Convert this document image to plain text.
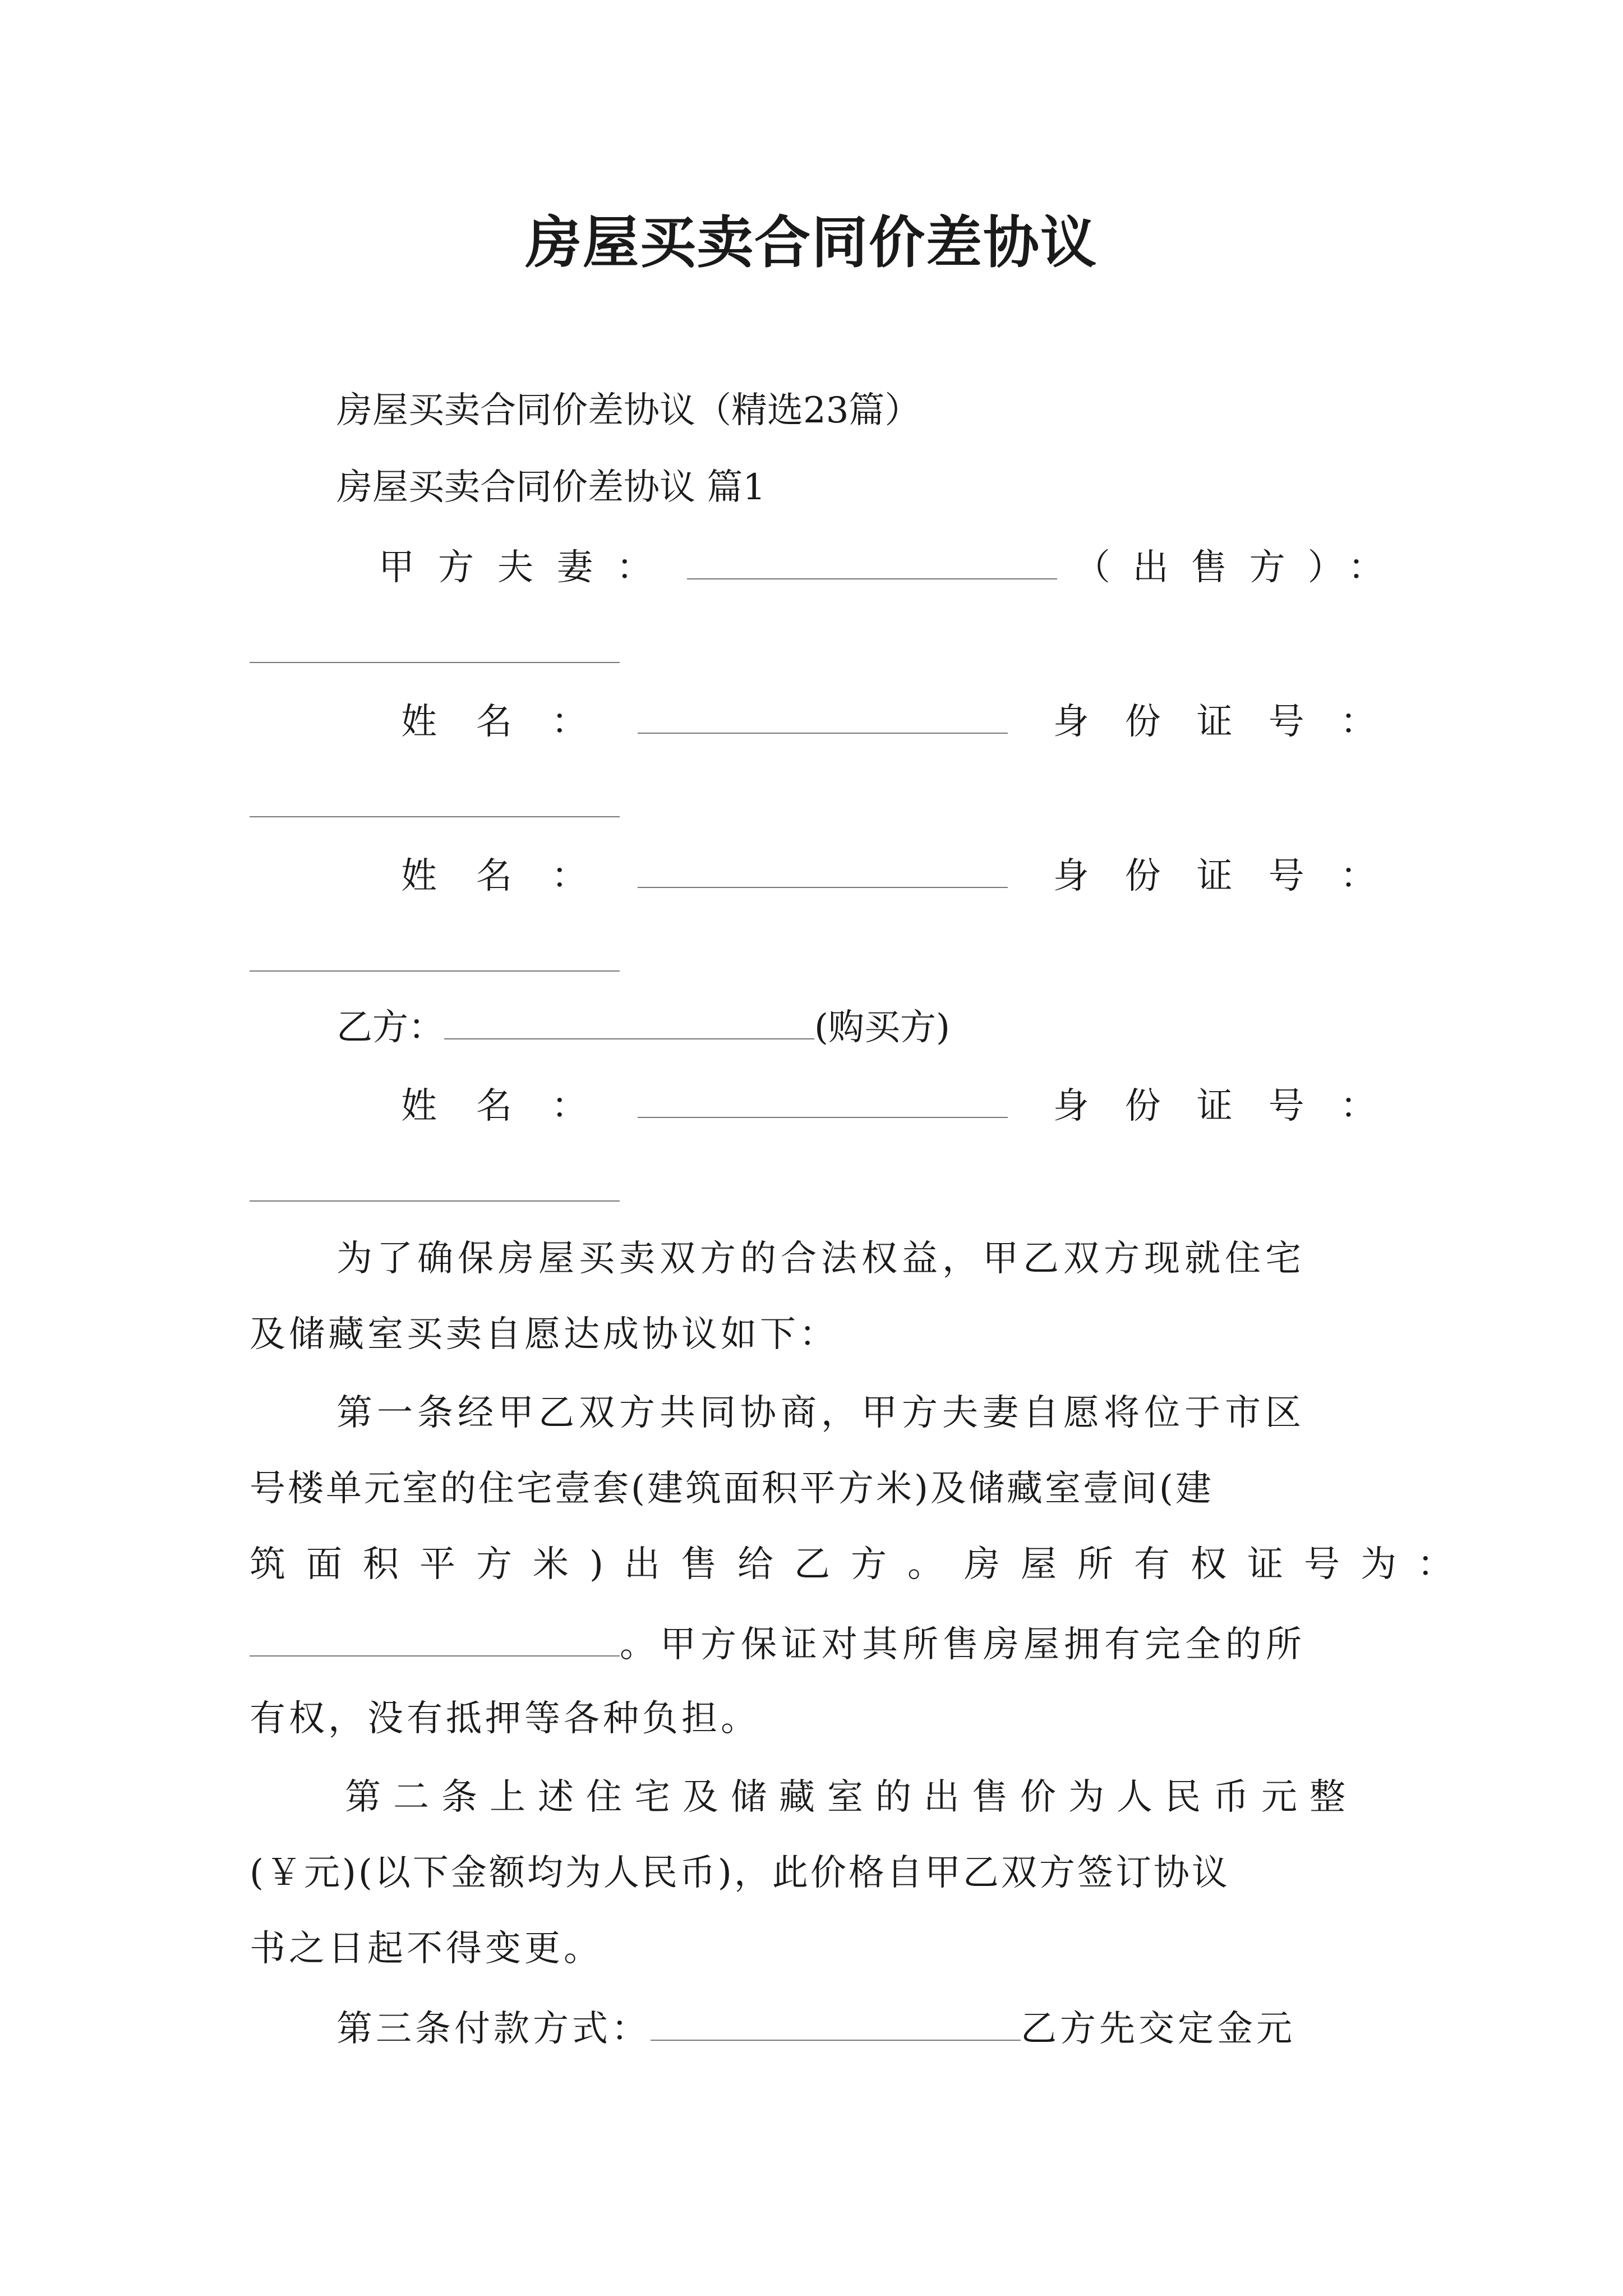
房屋买卖合同价差协议
房屋买卖合同价差协议（精选23篇）
房屋买卖合同价差协议 篇1
甲方夫妻：	（出售方）：
姓名：	身份证号：
姓名：	身份证号：
乙方：	(购买方)
姓名：	身份证号：
为了确保房屋买卖双方的合法权益，甲乙双方现就住宅
及储藏室买卖自愿达成协议如下：
第一条经甲乙双方共同协商，甲方夫妻自愿将位于市区
号楼单元室的住宅壹套(建筑面积平方米)及储藏室壹间(建
筑面积平方米)出售给乙方。房屋所有权证号为：
。甲方保证对其所售房屋拥有完全的所
有权，没有抵押等各种负担。
第二条上述住宅及储藏室的出售价为人民币元整
(￥元)(以下金额均为人民币)，此价格自甲乙双方签订协议
书之日起不得变更。
第三条付款方式：	乙方先交定金元
